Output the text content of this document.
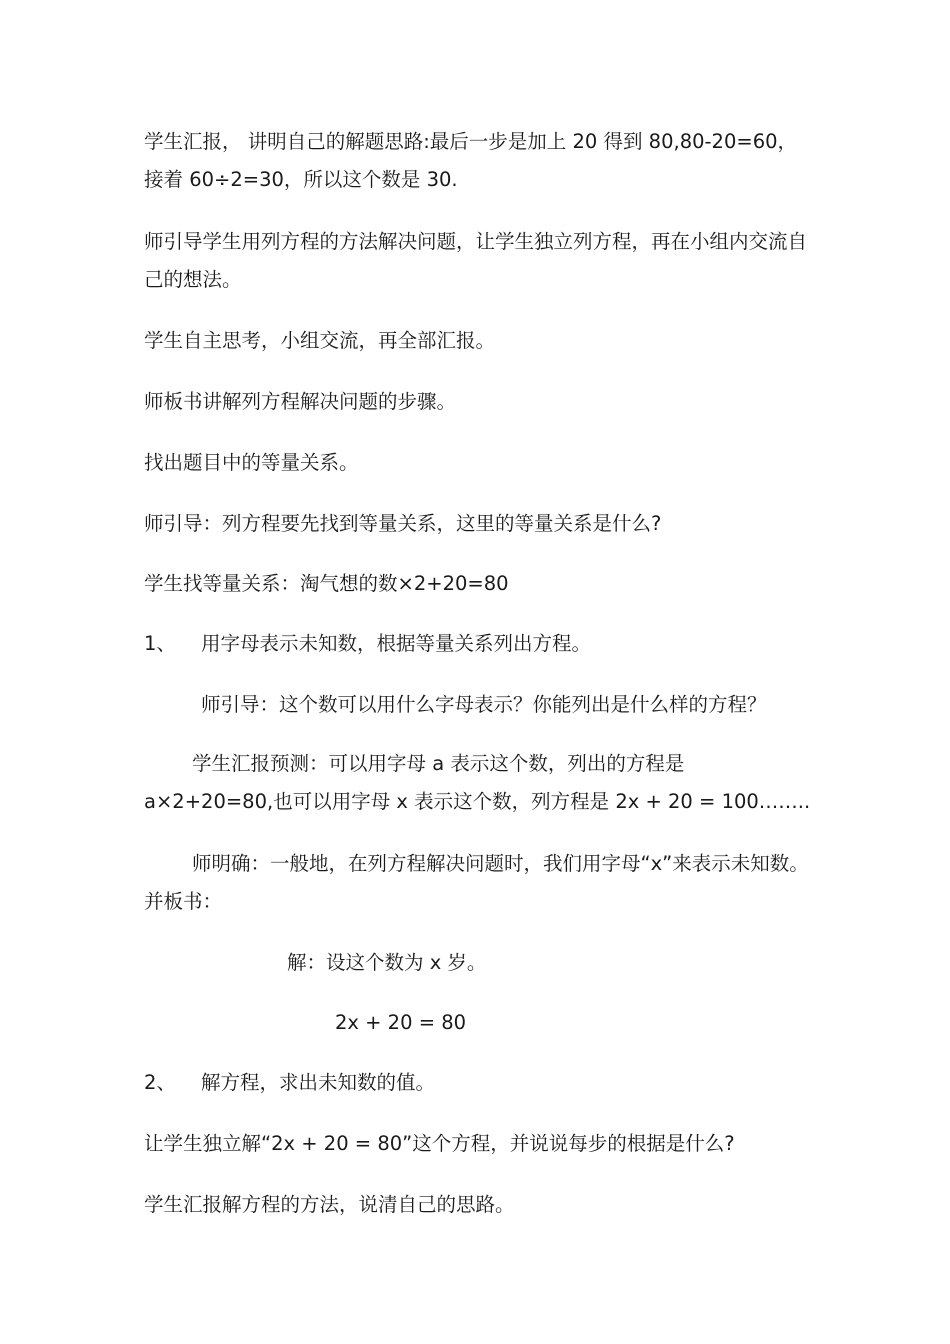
学生汇报， 讲明自己的解题思路:最后一步是加上 20 得到 80,80-20=60，接着 60÷2=30，所以这个数是 30.

师引导学生用列方程的方法解决问题，让学生独立列方程，再在小组内交流自己的想法。

学生自主思考，小组交流，再全部汇报。

师板书讲解列方程解决问题的步骤。

找出题目中的等量关系。

师引导：列方程要先找到等量关系，这里的等量关系是什么?

学生找等量关系：淘气想的数×2+20=80

1、 用字母表示未知数，根据等量关系列出方程。

师引导：这个数可以用什么字母表示？你能列出是什么样的方程？

学生汇报预测：可以用字母 a 表示这个数，列出的方程是 a×2+20=80,也可以用字母 x 表示这个数，列方程是 2x + 20 = 100……..

师明确：一般地，在列方程解决问题时，我们用字母“x”来表示未知数。并板书：

解：设这个数为 x 岁。

2x + 20 = 80

2、 解方程，求出未知数的值。

让学生独立解“2x + 20 = 80”这个方程，并说说每步的根据是什么?

学生汇报解方程的方法，说清自己的思路。
